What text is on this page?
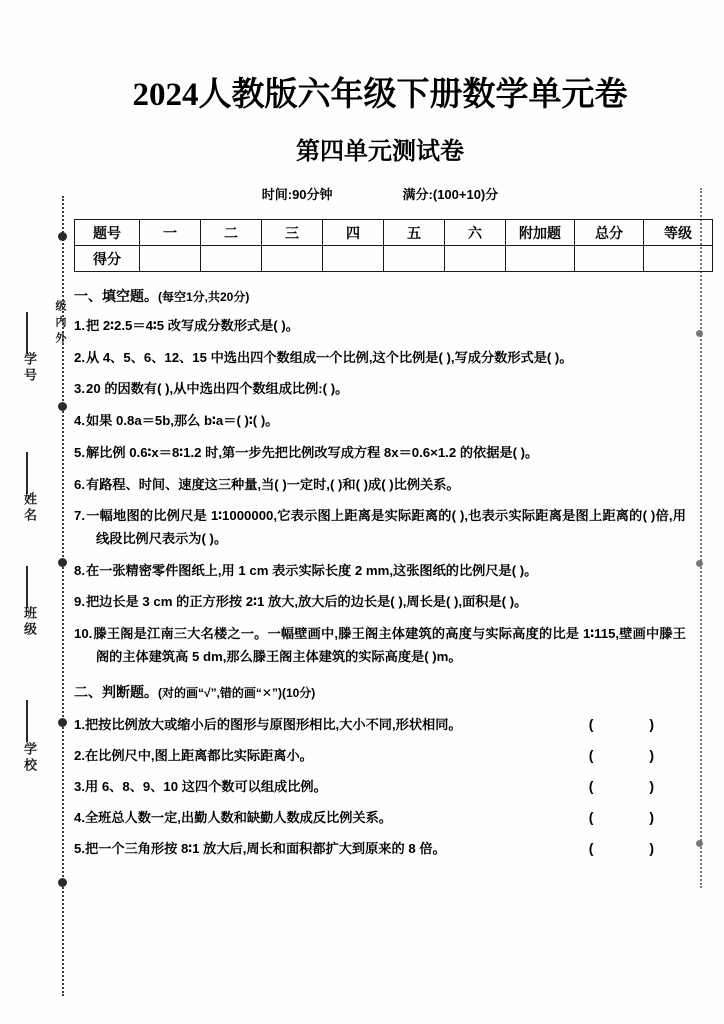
级内外
学号
姓名
班级
学校
2024人教版六年级下册数学单元卷
第四单元测试卷
时间:90分钟	满分:(100+10)分
题号	一	二	三	四	五	六	附加题	总分	等级
得分									
一、填空题。(每空1分,共20分)
1.把 2∶2.5＝4∶5 改写成分数形式是( )。
2.从 4、5、6、12、15 中选出四个数组成一个比例,这个比例是( ),写成分数形式是( )。
3.20 的因数有( ),从中选出四个数组成比例:( )。
4.如果 0.8a＝5b,那么 b∶a＝( )∶( )。
5.解比例 0.6∶x＝8∶1.2 时,第一步先把比例改写成方程 8x＝0.6×1.2 的依据是( )。
6.有路程、时间、速度这三种量,当( )一定时,( )和( )成( )比例关系。
7.一幅地图的比例尺是 1∶1000000,它表示图上距离是实际距离的( ),也表示实际距离是图上距离的( )倍,用线段比例尺表示为( )。
8.在一张精密零件图纸上,用 1 cm 表示实际长度 2 mm,这张图纸的比例尺是( )。
9.把边长是 3 cm 的正方形按 2∶1 放大,放大后的边长是( ),周长是( ),面积是( )。
10.滕王阁是江南三大名楼之一。一幅壁画中,滕王阁主体建筑的高度与实际高度的比是 1∶115,壁画中滕王阁的主体建筑高 5 dm,那么滕王阁主体建筑的实际高度是( )m。
二、判断题。(对的画“√”,错的画“✕”)(10分)
1.把按比例放大或缩小后的图形与原图形相比,大小不同,形状相同。	( )
2.在比例尺中,图上距离都比实际距离小。	( )
3.用 6、8、9、10 这四个数可以组成比例。	( )
4.全班总人数一定,出勤人数和缺勤人数成反比例关系。	( )
5.把一个三角形按 8∶1 放大后,周长和面积都扩大到原来的 8 倍。	( )
